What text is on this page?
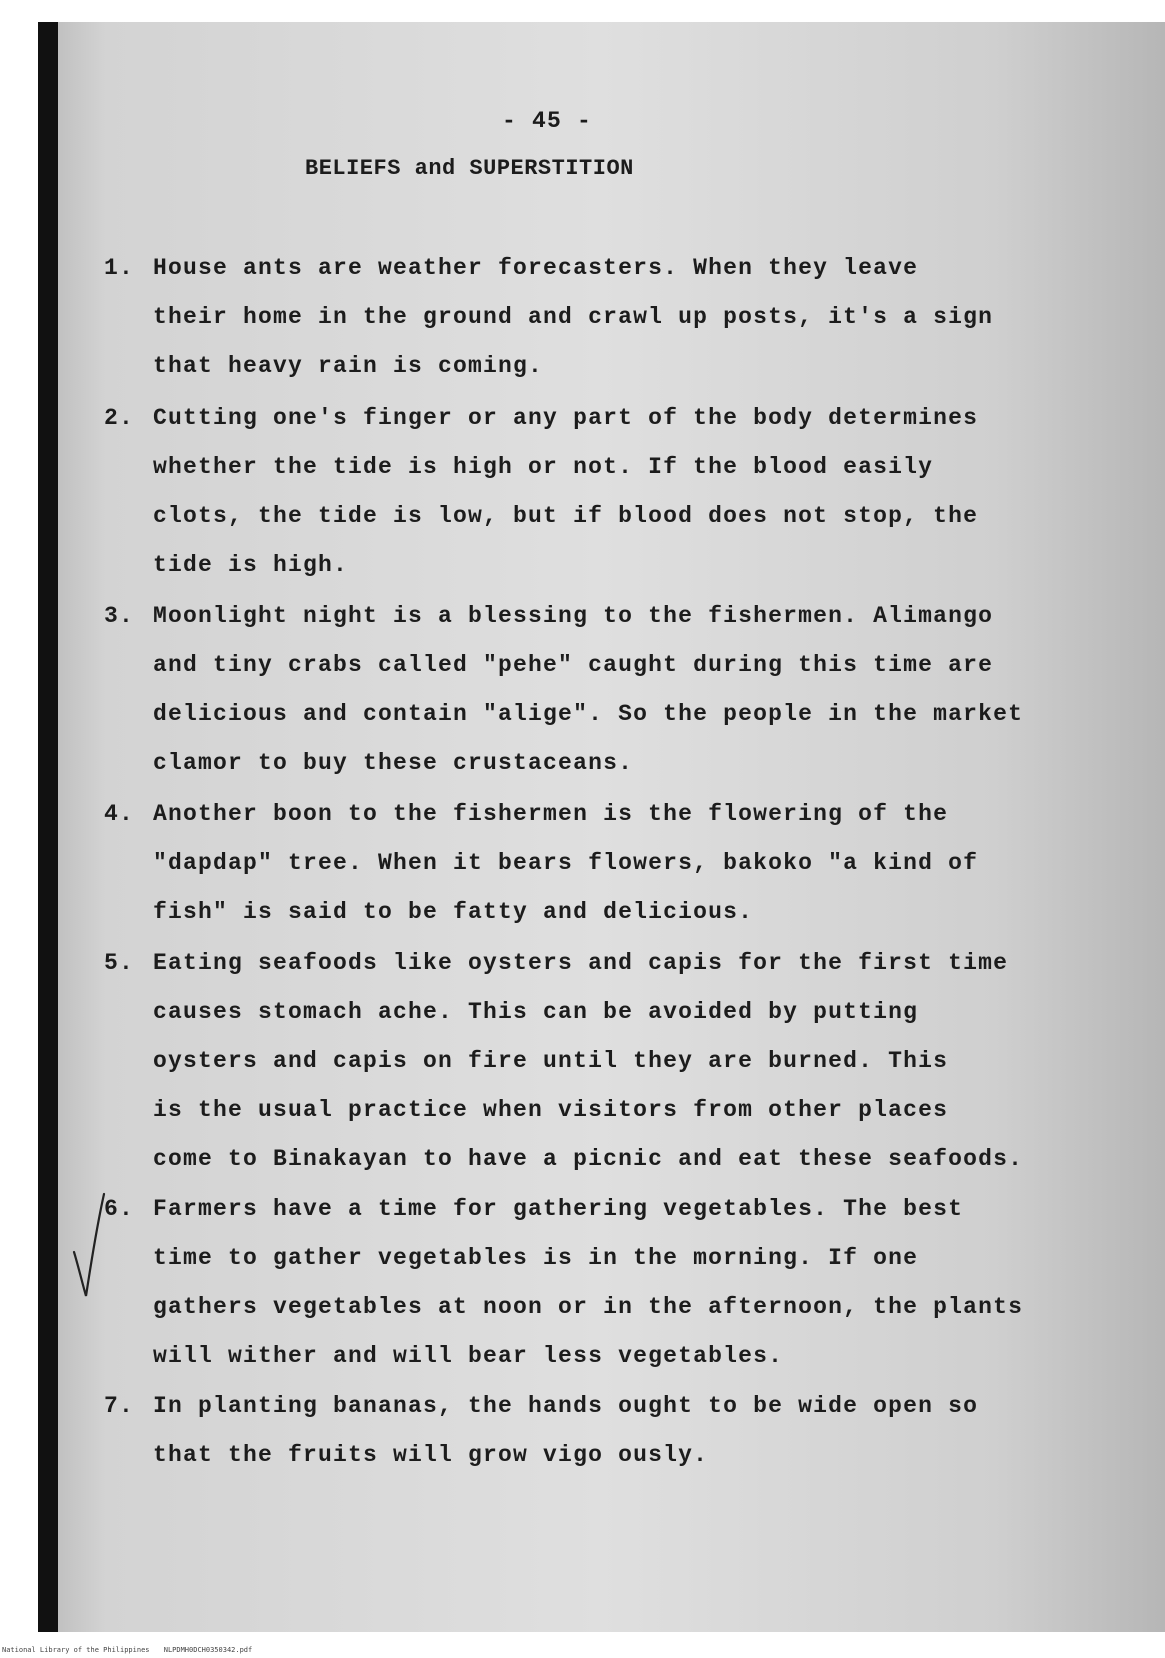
- 45 -
BELIEFS and SUPERSTITION
1. House ants are weather forecasters. When they leave
their home in the ground and crawl up posts, it's a sign
that heavy rain is coming.
2. Cutting one's finger or any part of the body determines
whether the tide is high or not. If the blood easily
clots, the tide is low, but if blood does not stop, the
tide is high.
3. Moonlight night is a blessing to the fishermen. Alimango
and tiny crabs called "pehe" caught during this time are
delicious and contain "alige". So the people in the market
clamor to buy these crustaceans.
4. Another boon to the fishermen is the flowering of the
"dapdap" tree. When it bears flowers, bakoko "a kind of
fish" is said to be fatty and delicious.
5. Eating seafoods like oysters and capis for the first time
causes stomach ache. This can be avoided by putting
oysters and capis on fire until they are burned. This
is the usual practice when visitors from other places
come to Binakayan to have a picnic and eat these seafoods.
6. Farmers have a time for gathering vegetables. The best
time to gather vegetables is in the morning. If one
gathers vegetables at noon or in the afternoon, the plants
will wither and will bear less vegetables.
7. In planting bananas, the hands ought to be wide open so
that the fruits will grow vigo ously.
National Library of the Philippines NLPDMH0DCH0350342.pdf
